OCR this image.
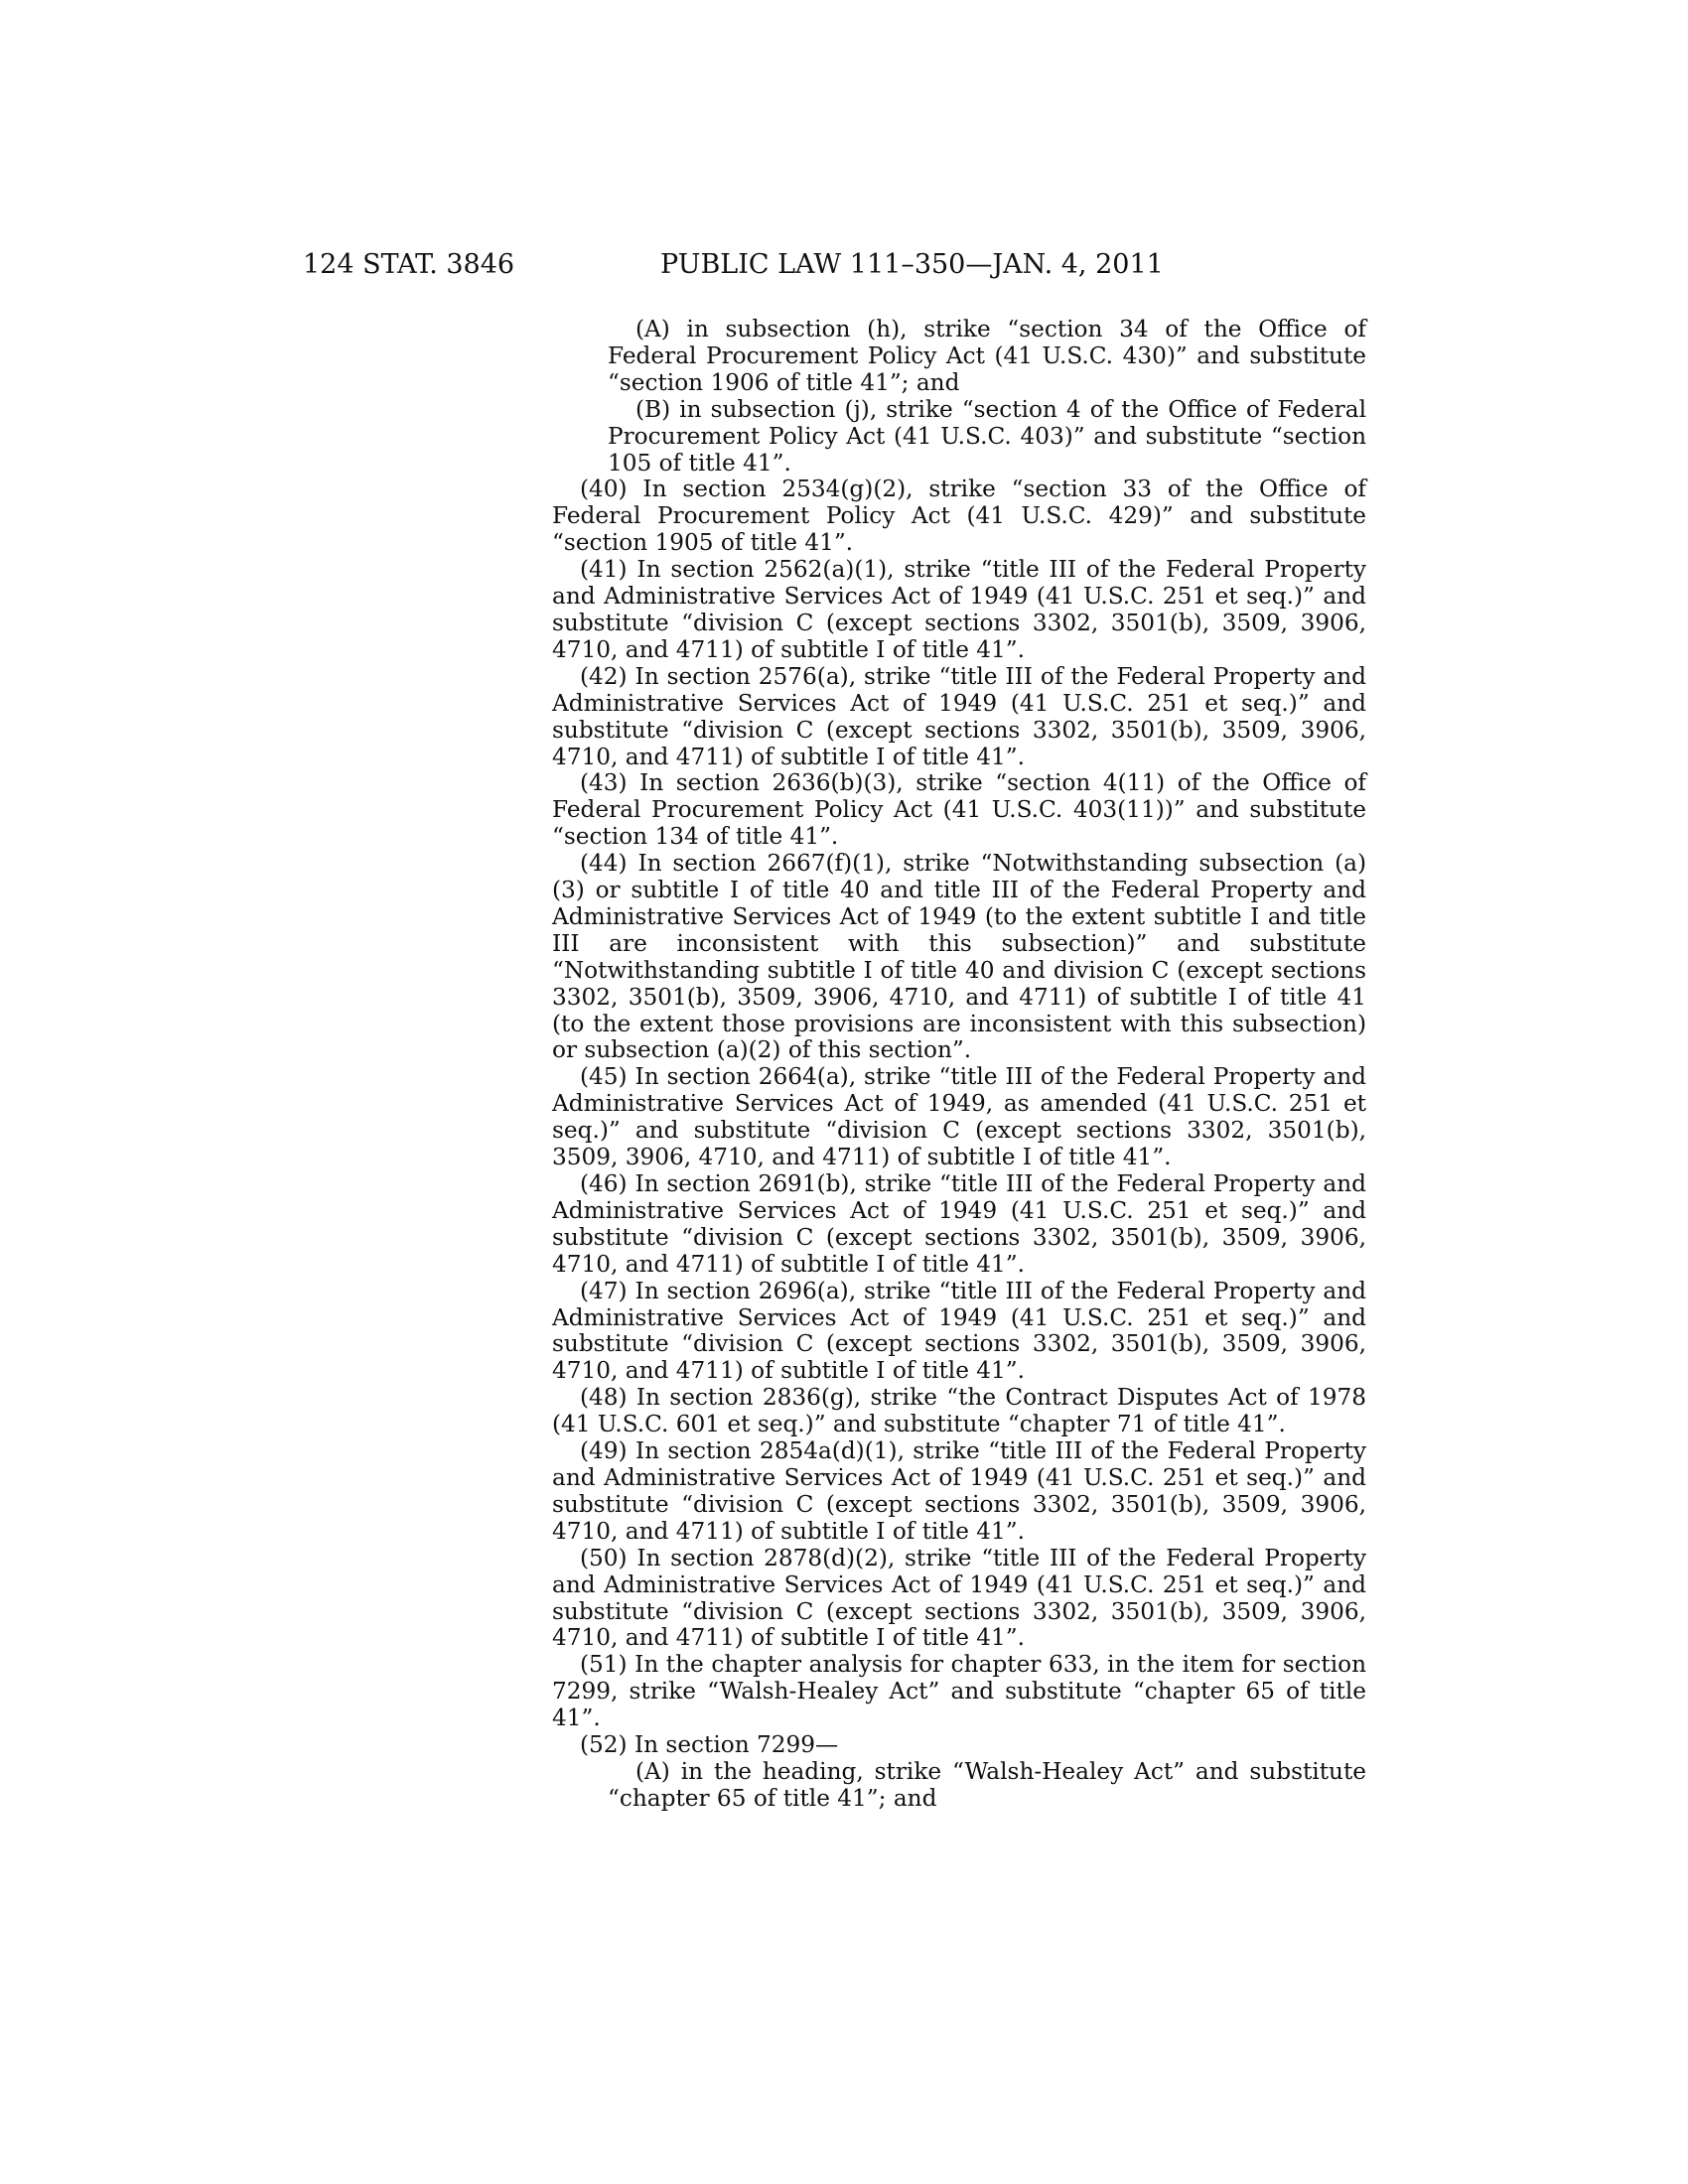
124 STAT. 3846	PUBLIC LAW 111–350—JAN. 4, 2011

(A) in subsection (h), strike “section 34 of the Office of Federal Procurement Policy Act (41 U.S.C. 430)” and substitute “section 1906 of title 41”; and

(B) in subsection (j), strike “section 4 of the Office of Federal Procurement Policy Act (41 U.S.C. 403)” and substitute “section 105 of title 41”.

(40) In section 2534(g)(2), strike “section 33 of the Office of Federal Procurement Policy Act (41 U.S.C. 429)” and substitute “section 1905 of title 41”.

(41) In section 2562(a)(1), strike “title III of the Federal Property and Administrative Services Act of 1949 (41 U.S.C. 251 et seq.)” and substitute “division C (except sections 3302, 3501(b), 3509, 3906, 4710, and 4711) of subtitle I of title 41”.

(42) In section 2576(a), strike “title III of the Federal Property and Administrative Services Act of 1949 (41 U.S.C. 251 et seq.)” and substitute “division C (except sections 3302, 3501(b), 3509, 3906, 4710, and 4711) of subtitle I of title 41”.

(43) In section 2636(b)(3), strike “section 4(11) of the Office of Federal Procurement Policy Act (41 U.S.C. 403(11))” and substitute “section 134 of title 41”.

(44) In section 2667(f)(1), strike “Notwithstanding subsection (a)(3) or subtitle I of title 40 and title III of the Federal Property and Administrative Services Act of 1949 (to the extent subtitle I and title III are inconsistent with this subsection)” and substitute “Notwithstanding subtitle I of title 40 and division C (except sections 3302, 3501(b), 3509, 3906, 4710, and 4711) of subtitle I of title 41 (to the extent those provisions are inconsistent with this subsection) or subsection (a)(2) of this section”.

(45) In section 2664(a), strike “title III of the Federal Property and Administrative Services Act of 1949, as amended (41 U.S.C. 251 et seq.)” and substitute “division C (except sections 3302, 3501(b), 3509, 3906, 4710, and 4711) of subtitle I of title 41”.

(46) In section 2691(b), strike “title III of the Federal Property and Administrative Services Act of 1949 (41 U.S.C. 251 et seq.)” and substitute “division C (except sections 3302, 3501(b), 3509, 3906, 4710, and 4711) of subtitle I of title 41”.

(47) In section 2696(a), strike “title III of the Federal Property and Administrative Services Act of 1949 (41 U.S.C. 251 et seq.)” and substitute “division C (except sections 3302, 3501(b), 3509, 3906, 4710, and 4711) of subtitle I of title 41”.

(48) In section 2836(g), strike “the Contract Disputes Act of 1978 (41 U.S.C. 601 et seq.)” and substitute “chapter 71 of title 41”.

(49) In section 2854a(d)(1), strike “title III of the Federal Property and Administrative Services Act of 1949 (41 U.S.C. 251 et seq.)” and substitute “division C (except sections 3302, 3501(b), 3509, 3906, 4710, and 4711) of subtitle I of title 41”.

(50) In section 2878(d)(2), strike “title III of the Federal Property and Administrative Services Act of 1949 (41 U.S.C. 251 et seq.)” and substitute “division C (except sections 3302, 3501(b), 3509, 3906, 4710, and 4711) of subtitle I of title 41”.

(51) In the chapter analysis for chapter 633, in the item for section 7299, strike “Walsh-Healey Act” and substitute “chapter 65 of title 41”.

(52) In section 7299—

(A) in the heading, strike “Walsh-Healey Act” and substitute “chapter 65 of title 41”; and
